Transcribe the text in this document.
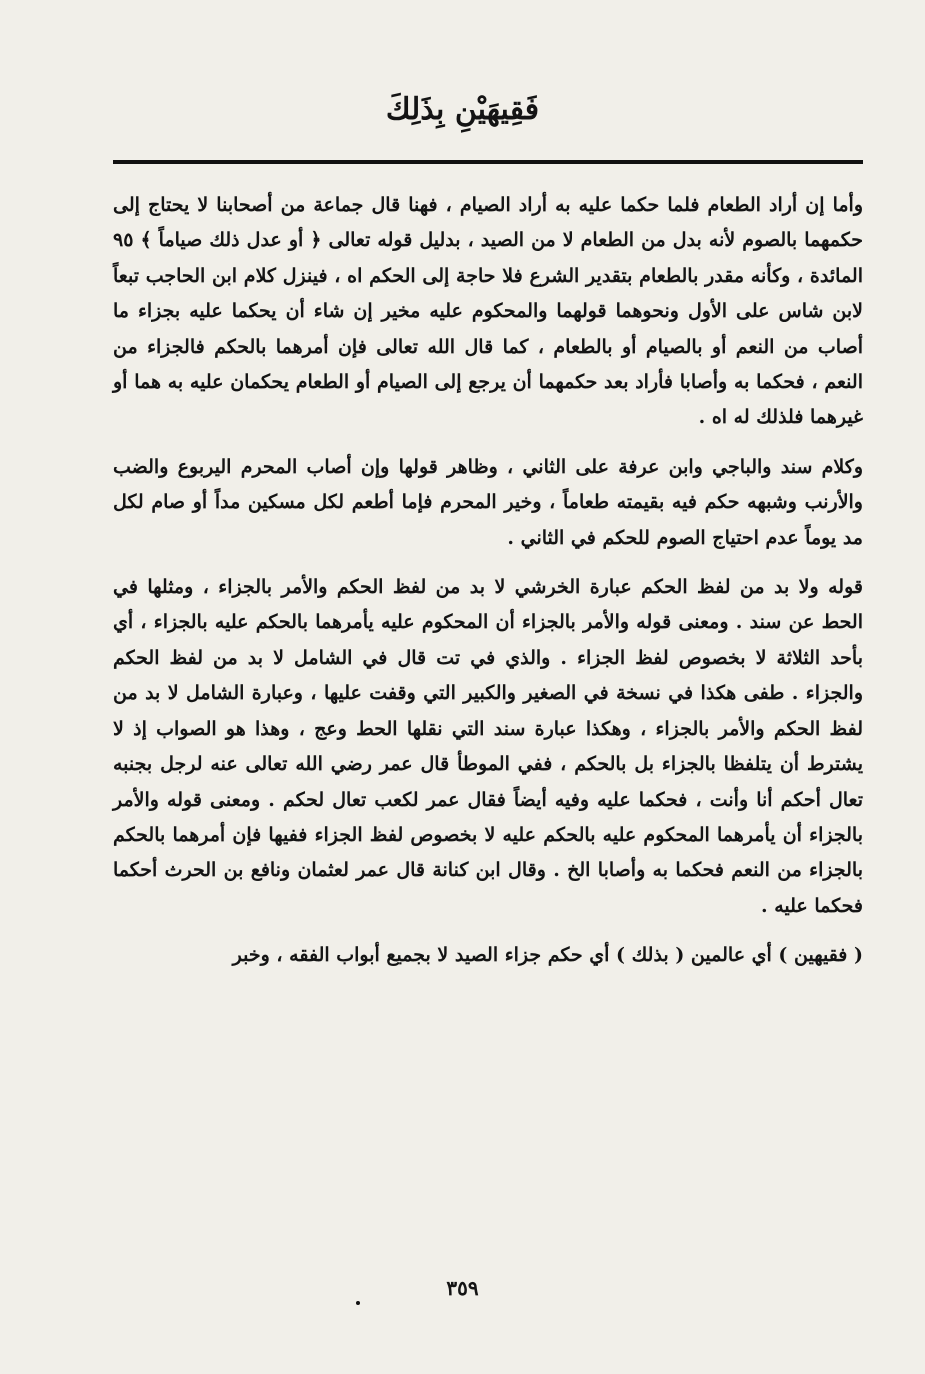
فَقِيهَيْنِ بِذَلِكَ

وأما إن أراد الطعام فلما حكما عليه به أراد الصيام ، فهنا قال جماعة من أصحابنا لا يحتاج إلى حكمهما بالصوم لأنه بدل من الطعام لا من الصيد ، بدليل قوله تعالى ﴿ أو عدل ذلك صياماً ﴾ ٩٥ المائدة ، وكأنه مقدر بالطعام بتقدير الشرع فلا حاجة إلى الحكم اه ، فينزل كلام ابن الحاجب تبعاً لابن شاس على الأول ونحوهما قولهما والمحكوم عليه مخير إن شاء أن يحكما عليه بجزاء ما أصاب من النعم أو بالصيام أو بالطعام ، كما قال الله تعالى فإن أمرهما بالحكم فالجزاء من النعم ، فحكما به وأصابا فأراد بعد حكمهما أن يرجع إلى الصيام أو الطعام يحكمان عليه به هما أو غيرهما فلذلك له اه .

وكلام سند والباجي وابن عرفة على الثاني ، وظاهر قولها وإن أصاب المحرم اليربوع والضب والأرنب وشبهه حكم فيه بقيمته طعاماً ، وخير المحرم فإما أطعم لكل مسكين مداً أو صام لكل مد يوماً عدم احتياج الصوم للحكم في الثاني .

قوله ولا بد من لفظ الحكم عبارة الخرشي لا بد من لفظ الحكم والأمر بالجزاء ، ومثلها في الحط عن سند . ومعنى قوله والأمر بالجزاء أن المحكوم عليه يأمرهما بالحكم عليه بالجزاء ، أي بأحد الثلاثة لا بخصوص لفظ الجزاء . والذي في تت قال في الشامل لا بد من لفظ الحكم والجزاء . طفى هكذا في نسخة في الصغير والكبير التي وقفت عليها ، وعبارة الشامل لا بد من لفظ الحكم والأمر بالجزاء ، وهكذا عبارة سند التي نقلها الحط وعج ، وهذا هو الصواب إذ لا يشترط أن يتلفظا بالجزاء بل بالحكم ، ففي الموطأ قال عمر رضي الله تعالى عنه لرجل بجنبه تعال أحكم أنا وأنت ، فحكما عليه وفيه أيضاً فقال عمر لكعب تعال لحكم . ومعنى قوله والأمر بالجزاء أن يأمرهما المحكوم عليه بالحكم عليه لا بخصوص لفظ الجزاء ففيها فإن أمرهما بالحكم بالجزاء من النعم فحكما به وأصابا الخ . وقال ابن كنانة قال عمر لعثمان ونافع بن الحرث أحكما فحكما عليه .

( فقيهين ) أي عالمين ( بذلك ) أي حكم جزاء الصيد لا بجميع أبواب الفقه ، وخبر

٣٥٩
